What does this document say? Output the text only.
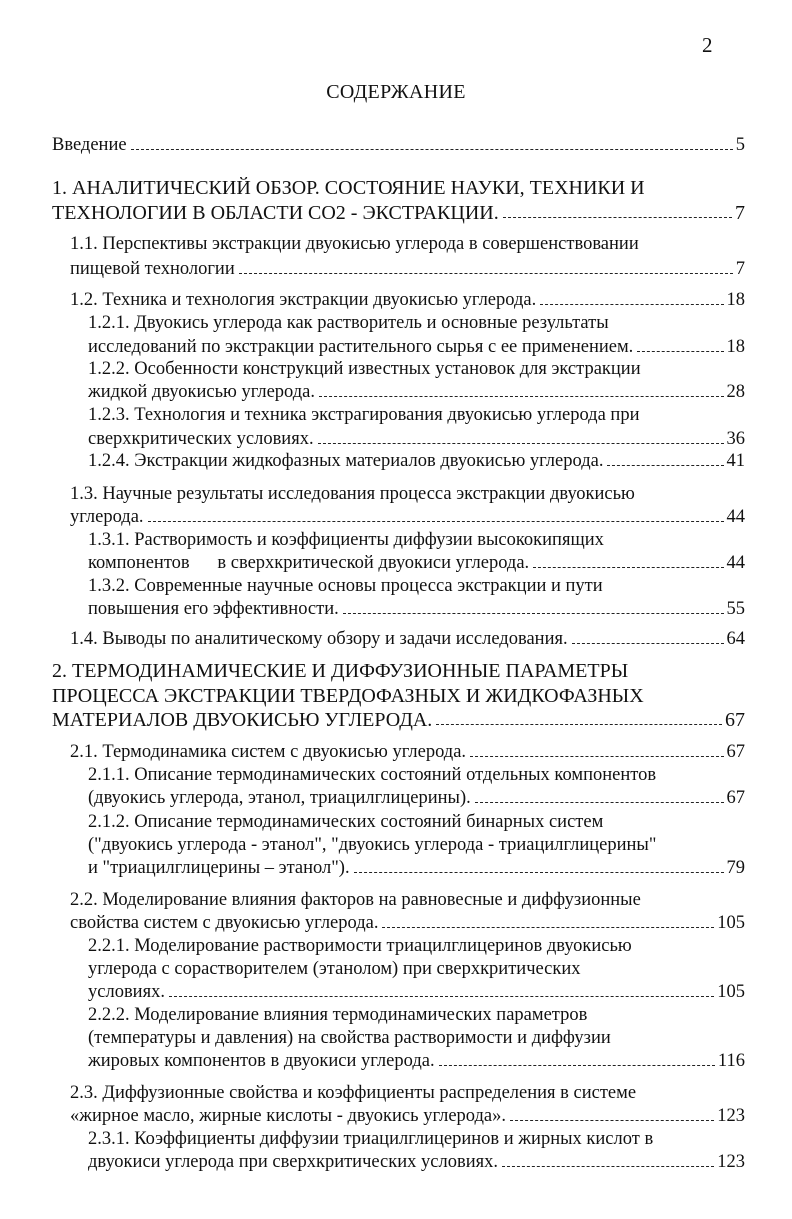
2
СОДЕРЖАНИЕ
Введение	5
1. АНАЛИТИЧЕСКИЙ ОБЗОР. СОСТОЯНИЕ НАУКИ, ТЕХНИКИ И
ТЕХНОЛОГИИ В ОБЛАСТИ СО2 - ЭКСТРАКЦИИ.	7
1.1. Перспективы экстракции двуокисью углерода в совершенствовании
пищевой технологии	7
1.2. Техника и технология экстракции двуокисью углерода.	18
1.2.1. Двуокись углерода как растворитель и основные результаты
исследований по экстракции растительного сырья с ее применением.	18
1.2.2. Особенности конструкций известных установок для экстракции
жидкой двуокисью углерода.	28
1.2.3. Технология и техника экстрагирования двуокисью углерода при
сверхкритических условиях.	36
1.2.4. Экстракции жидкофазных материалов двуокисью углерода.	41
1.3. Научные результаты исследования процесса экстракции двуокисью
углерода.	44
1.3.1. Растворимость и коэффициенты диффузии высококипящих
компонентов      в сверхкритической двуокиси углерода.	44
1.3.2. Современные научные основы процесса экстракции и пути
повышения его эффективности.	55
1.4. Выводы по аналитическому обзору и задачи исследования.	64
2. ТЕРМОДИНАМИЧЕСКИЕ И ДИФФУЗИОННЫЕ ПАРАМЕТРЫ
ПРОЦЕССА ЭКСТРАКЦИИ ТВЕРДОФАЗНЫХ И ЖИДКОФАЗНЫХ
МАТЕРИАЛОВ ДВУОКИСЬЮ УГЛЕРОДА.	67
2.1. Термодинамика систем с двуокисью углерода.	67
2.1.1. Описание термодинамических состояний отдельных компонентов
(двуокись углерода, этанол, триацилглицерины).	67
2.1.2. Описание термодинамических состояний бинарных систем
("двуокись углерода - этанол", "двуокись углерода - триацилглицерины"
и "триацилглицерины – этанол").	79
2.2. Моделирование влияния факторов на равновесные и диффузионные
свойства систем с двуокисью углерода.	105
2.2.1. Моделирование растворимости триацилглицеринов двуокисью
углерода с сорастворителем (этанолом) при сверхкритических
условиях.	105
2.2.2. Моделирование влияния термодинамических параметров
(температуры и давления) на свойства растворимости и диффузии
жировых компонентов в двуокиси углерода.	116
2.3. Диффузионные свойства и коэффициенты распределения в системе
«жирное масло, жирные кислоты - двуокись углерода».	123
2.3.1. Коэффициенты диффузии триацилглицеринов и жирных кислот в
двуокиси углерода при сверхкритических условиях.	123
